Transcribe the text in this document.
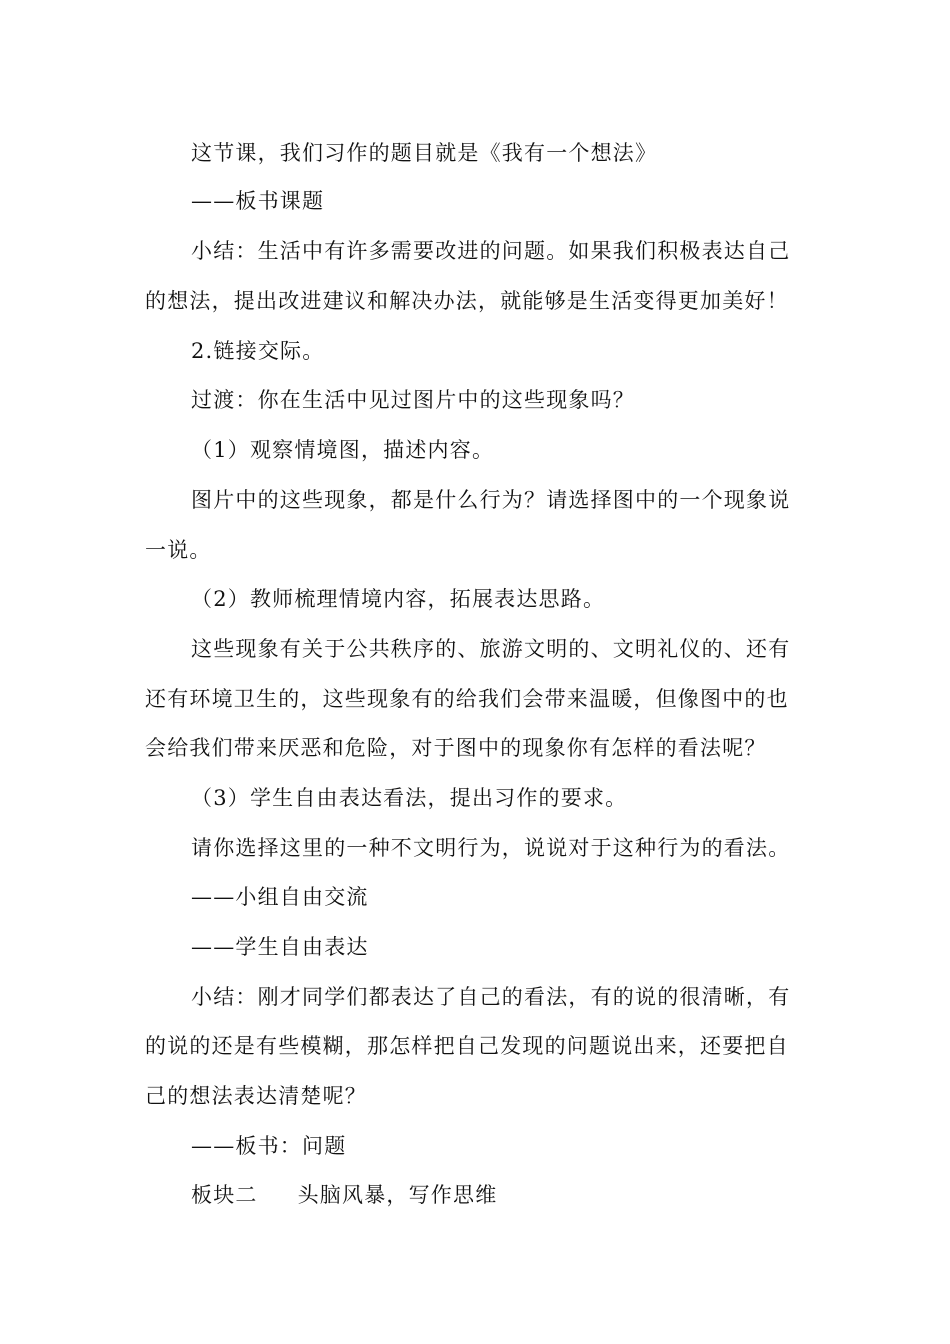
这节课，我们习作的题目就是《我有一个想法》
——板书课题
小结：生活中有许多需要改进的问题。如果我们积极表达自己
的想法，提出改进建议和解决办法，就能够是生活变得更加美好！
2.链接交际。
过渡：你在生活中见过图片中的这些现象吗？
（1）观察情境图，描述内容。
图片中的这些现象，都是什么行为？请选择图中的一个现象说
一说。
（2）教师梳理情境内容，拓展表达思路。
这些现象有关于公共秩序的、旅游文明的、文明礼仪的、还有
还有环境卫生的，这些现象有的给我们会带来温暖，但像图中的也
会给我们带来厌恶和危险，对于图中的现象你有怎样的看法呢？
（3）学生自由表达看法，提出习作的要求。
请你选择这里的一种不文明行为，说说对于这种行为的看法。
——小组自由交流
——学生自由表达
小结：刚才同学们都表达了自己的看法，有的说的很清晰，有
的说的还是有些模糊，那怎样把自己发现的问题说出来，还要把自
己的想法表达清楚呢？
——板书：问题
板块二 头脑风暴，写作思维
